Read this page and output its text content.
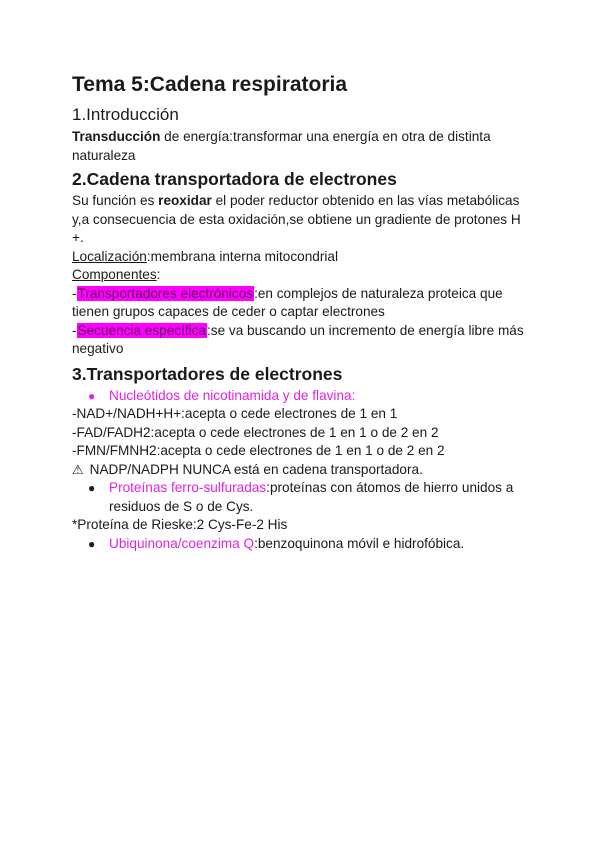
Tema 5:Cadena respiratoria
1.Introducción

Transducción de energía:transformar una energía en otra de distinta naturaleza

2.Cadena transportadora de electrones

Su función es reoxidar el poder reductor obtenido en las vías metabólicas y,a consecuencia de esta oxidación,se obtiene un gradiente de protones H +.

Localización:membrana interna mitocondrial

Componentes:

-Transportadores electrónicos:en complejos de naturaleza proteica que tienen grupos capaces de ceder o captar electrones

-Secuencia específica:se va buscando un incremento de energía libre más negativo

3.Transportadores de electrones
● Nucleótidos de nicotinamida y de flavina:

-NAD+/NADH+H+:acepta o cede electrones de 1 en 1

-FAD/FADH2:acepta o cede electrones de 1 en 1 o de 2 en 2

-FMN/FMNH2:acepta o cede electrones de 1 en 1 o de 2 en 2

⚠ NADP/NADPH NUNCA está en cadena transportadora.

● Proteínas ferro-sulfuradas:proteínas con átomos de hierro unidos a residuos de S o de Cys.

*Proteína de Rieske:2 Cys-Fe-2 His

● Ubiquinona/coenzima Q:benzoquinona móvil e hidrofóbica.
